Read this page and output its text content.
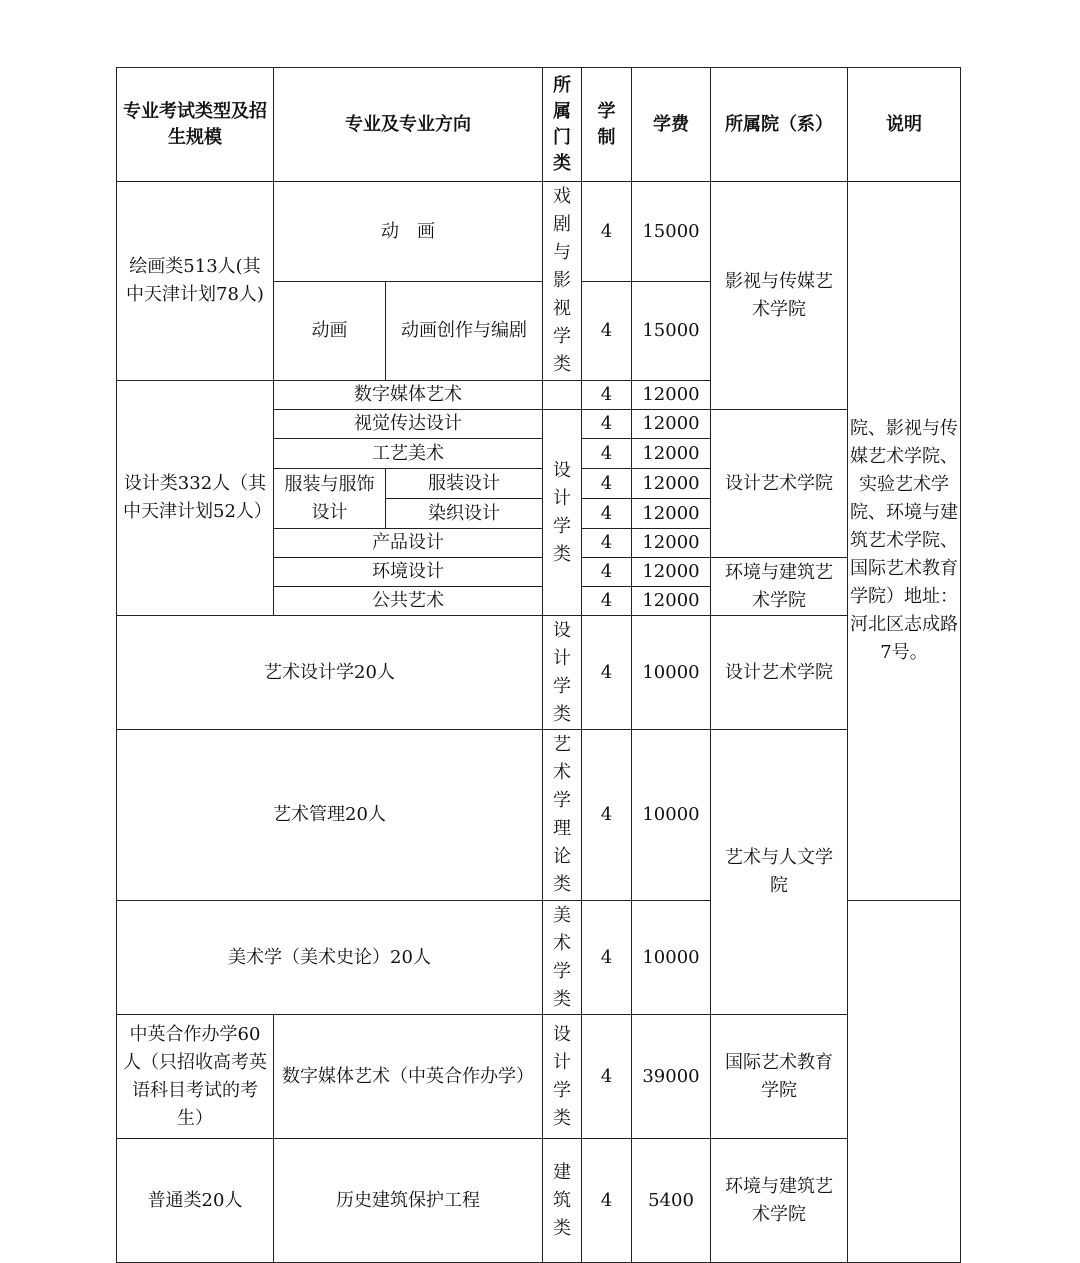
专业考试类型及招生规模	专业及专业方向		所属门类	学制	学费	所属院（系）	说明

绘画类513人(其中天津计划78人)	动　画		戏剧与影视学类	4	15000	影视与传媒艺术学院	院、影视与传媒艺术学院、实验艺术学院、环境与建筑艺术学院、国际艺术教育学院）地址：河北区志成路7号。
	动画	动画创作与编剧		4	15000		

设计类332人（其中天津计划52人）	数字媒体艺术			4	12000		
	视觉传达设计		设计学类	4	12000	设计艺术学院	
	工艺美术			4	12000		

	服装与服饰设计	服装设计		4	12000		
		染织设计		4	12000		
	产品设计			4	12000		
	环境设计			4	12000	环境与建筑艺术学院	

	公共艺术			4	12000		
艺术设计学20人			设计学类	4	10000	设计艺术学院	
艺术管理20人			艺术学理论类	4	10000	艺术与人文学院	

美术学（美术史论）20人			美术学类	4	10000		

中英合作办学60人（只招收高考英语科目考试的考生）	数字媒体艺术（中英合作办学）		设计学类	4	39000	国际艺术教育学院	

普通类20人	历史建筑保护工程		建筑类	4	5400	环境与建筑艺术学院	
